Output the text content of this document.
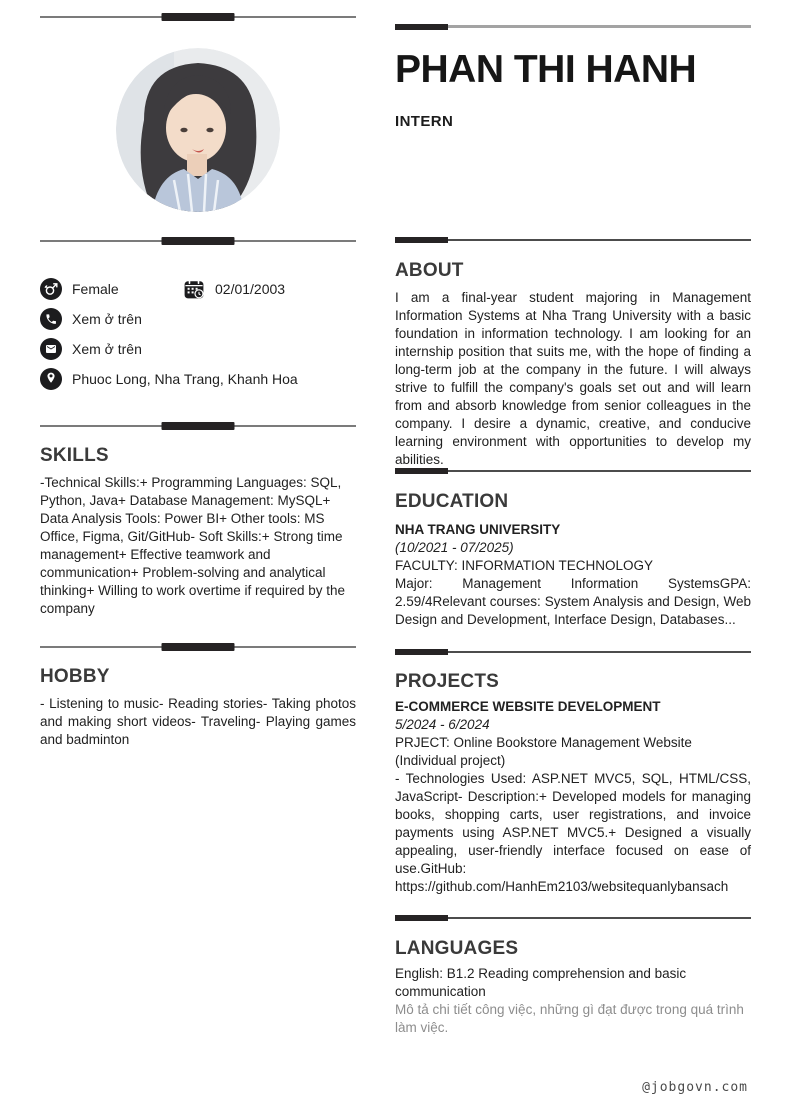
Female	02/01/2003
Xem ở trên
Xem ở trên
Phuoc Long, Nha Trang, Khanh Hoa
SKILLS

-Technical Skills:+ Programming Languages: SQL, Python, Java+ Database Management: MySQL+ Data Analysis Tools: Power BI+ Other tools: MS Office, Figma, Git/GitHub- Soft Skills:+ Strong time management+ Effective teamwork and communication+ Problem-solving and analytical thinking+ Willing to work overtime if required by the company

HOBBY

- Listening to music- Reading stories- Taking photos and making short videos- Traveling- Playing games and badminton

PHAN THI HANH
INTERN
ABOUT

I am a final-year student majoring in Management Information Systems at Nha Trang University with a basic foundation in information technology. I am looking for an internship position that suits me, with the hope of finding a long-term job at the company in the future. I will always strive to fulfill the company's goals set out and will learn from and absorb knowledge from senior colleagues in the company. I desire a dynamic, creative, and conducive learning environment with opportunities to develop my abilities.

EDUCATION
NHA TRANG UNIVERSITY
(10/2021 - 07/2025)
FACULTY: INFORMATION TECHNOLOGY

Major: Management Information SystemsGPA: 2.59/4Relevant courses: System Analysis and Design, Web Design and Development, Interface Design, Databases...

PROJECTS
E-COMMERCE WEBSITE DEVELOPMENT
5/2024 - 6/2024

PRJECT: Online Bookstore Management Website (Individual project)

- Technologies Used: ASP.NET MVC5, SQL, HTML/CSS, JavaScript- Description:+ Developed models for managing books, shopping carts, user registrations, and invoice payments using ASP.NET MVC5.+ Designed a visually appealing, user-friendly interface focused on ease of use.GitHub: https://github.com/HanhEm2103/websitequanlybansach

LANGUAGES

English: B1.2 Reading comprehension and basic communication

Mô tả chi tiết công việc, những gì đạt được trong quá trình làm việc.

@jobgovn.com
